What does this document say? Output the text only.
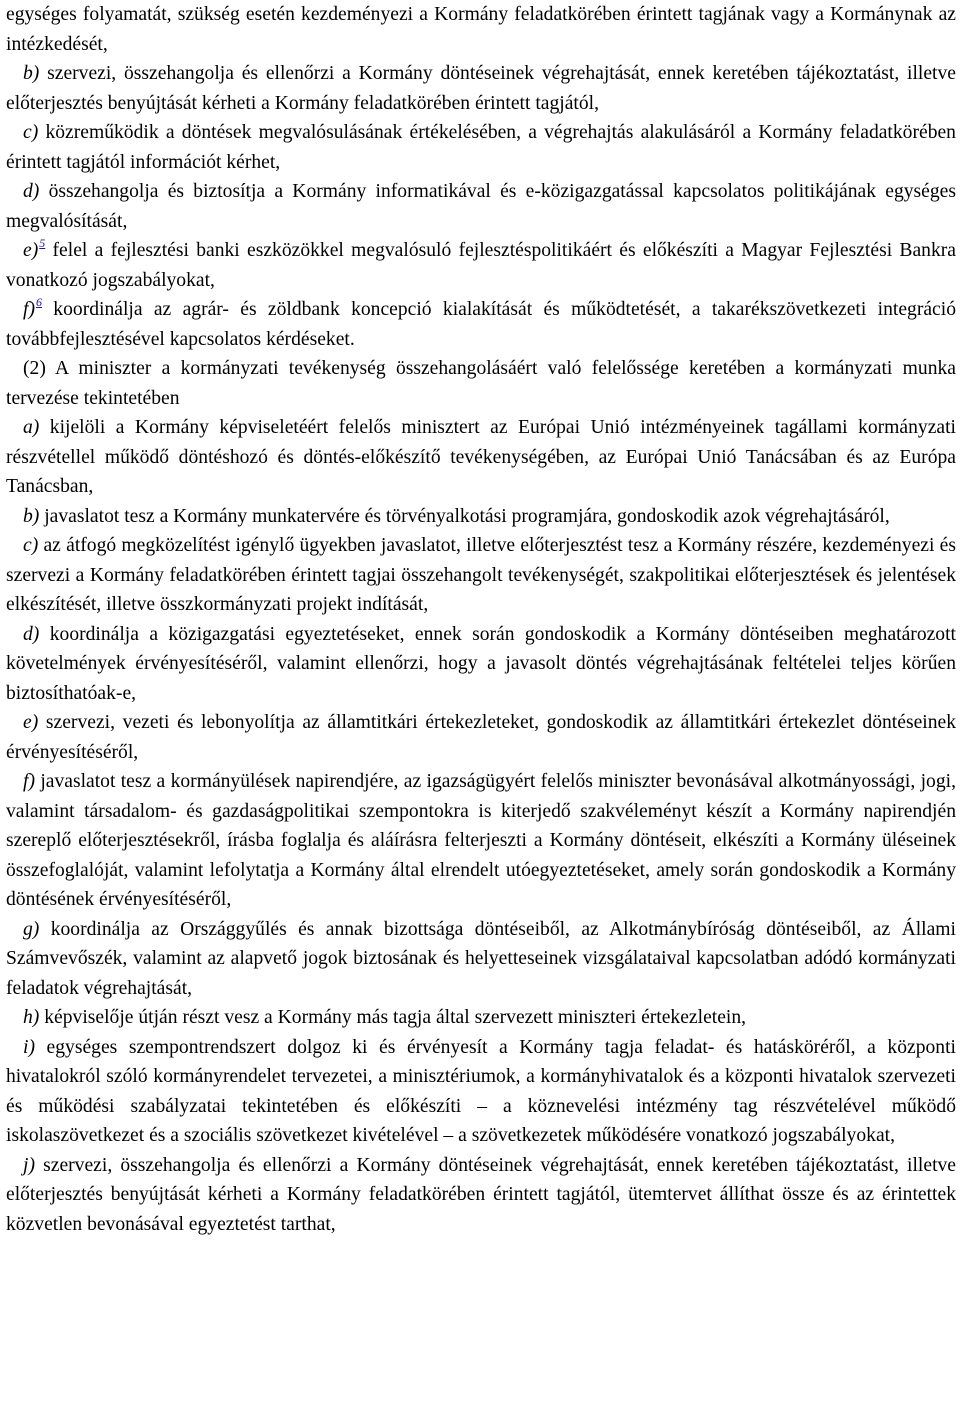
egységes folyamatát, szükség esetén kezdeményezi a Kormány feladatkörében érintett tagjának vagy a Kormánynak az intézkedését,

b) szervezi, összehangolja és ellenőrzi a Kormány döntéseinek végrehajtását, ennek keretében tájékoztatást, illetve előterjesztés benyújtását kérheti a Kormány feladatkörében érintett tagjától,

c) közreműködik a döntések megvalósulásának értékelésében, a végrehajtás alakulásáról a Kormány feladatkörében érintett tagjától információt kérhet,

d) összehangolja és biztosítja a Kormány informatikával és e-közigazgatással kapcsolatos politikájának egységes megvalósítását,

e)$^5$ felel a fejlesztési banki eszközökkel megvalósuló fejlesztéspolitikáért és előkészíti a Magyar Fejlesztési Bankra vonatkozó jogszabályokat,

f)$^6$ koordinálja az agrár- és zöldbank koncepció kialakítását és működtetését, a takarékszövetkezeti integráció továbbfejlesztésével kapcsolatos kérdéseket.

(2) A miniszter a kormányzati tevékenység összehangolásáért való felelőssége keretében a kormányzati munka tervezése tekintetében

a) kijelöli a Kormány képviseletéért felelős minisztert az Európai Unió intézményeinek tagállami kormányzati részvétellel működő döntéshozó és döntés-előkészítő tevékenységében, az Európai Unió Tanácsában és az Európa Tanácsban,

b) javaslatot tesz a Kormány munkatervére és törvényalkotási programjára, gondoskodik azok végrehajtásáról,

c) az átfogó megközelítést igénylő ügyekben javaslatot, illetve előterjesztést tesz a Kormány részére, kezdeményezi és szervezi a Kormány feladatkörében érintett tagjai összehangolt tevékenységét, szakpolitikai előterjesztések és jelentések elkészítését, illetve összkormányzati projekt indítását,

d) koordinálja a közigazgatási egyeztetéseket, ennek során gondoskodik a Kormány döntéseiben meghatározott követelmények érvényesítéséről, valamint ellenőrzi, hogy a javasolt döntés végrehajtásának feltételei teljes körűen biztosíthatóak-e,

e) szervezi, vezeti és lebonyolítja az államtitkári értekezleteket, gondoskodik az államtitkári értekezlet döntéseinek érvényesítéséről,

f) javaslatot tesz a kormányülések napirendjére, az igazságügyért felelős miniszter bevonásával alkotmányossági, jogi, valamint társadalom- és gazdaságpolitikai szempontokra is kiterjedő szakvéleményt készít a Kormány napirendjén szereplő előterjesztésekről, írásba foglalja és aláírásra felterjeszti a Kormány döntéseit, elkészíti a Kormány üléseinek összefoglalóját, valamint lefolytatja a Kormány által elrendelt utóegyeztetéseket, amely során gondoskodik a Kormány döntésének érvényesítéséről,

g) koordinálja az Országgyűlés és annak bizottsága döntéseiből, az Alkotmánybíróság döntéseiből, az Állami Számvevőszék, valamint az alapvető jogok biztosának és helyetteseinek vizsgálataival kapcsolatban adódó kormányzati feladatok végrehajtását,

h) képviselője útján részt vesz a Kormány más tagja által szervezett miniszteri értekezletein,

i) egységes szempontrendszert dolgoz ki és érvényesít a Kormány tagja feladat- és hatásköréről, a központi hivatalokról szóló kormányrendelet tervezetei, a minisztériumok, a kormányhivatalok és a központi hivatalok szervezeti és működési szabályzatai tekintetében és előkészíti – a köznevelési intézmény tag részvételével működő iskolaszövetkezet és a szociális szövetkezet kivételével – a szövetkezetek működésére vonatkozó jogszabályokat,

j) szervezi, összehangolja és ellenőrzi a Kormány döntéseinek végrehajtását, ennek keretében tájékoztatást, illetve előterjesztés benyújtását kérheti a Kormány feladatkörében érintett tagjától, ütemtervet állíthat össze és az érintettek közvetlen bevonásával egyeztetést tarthat,
